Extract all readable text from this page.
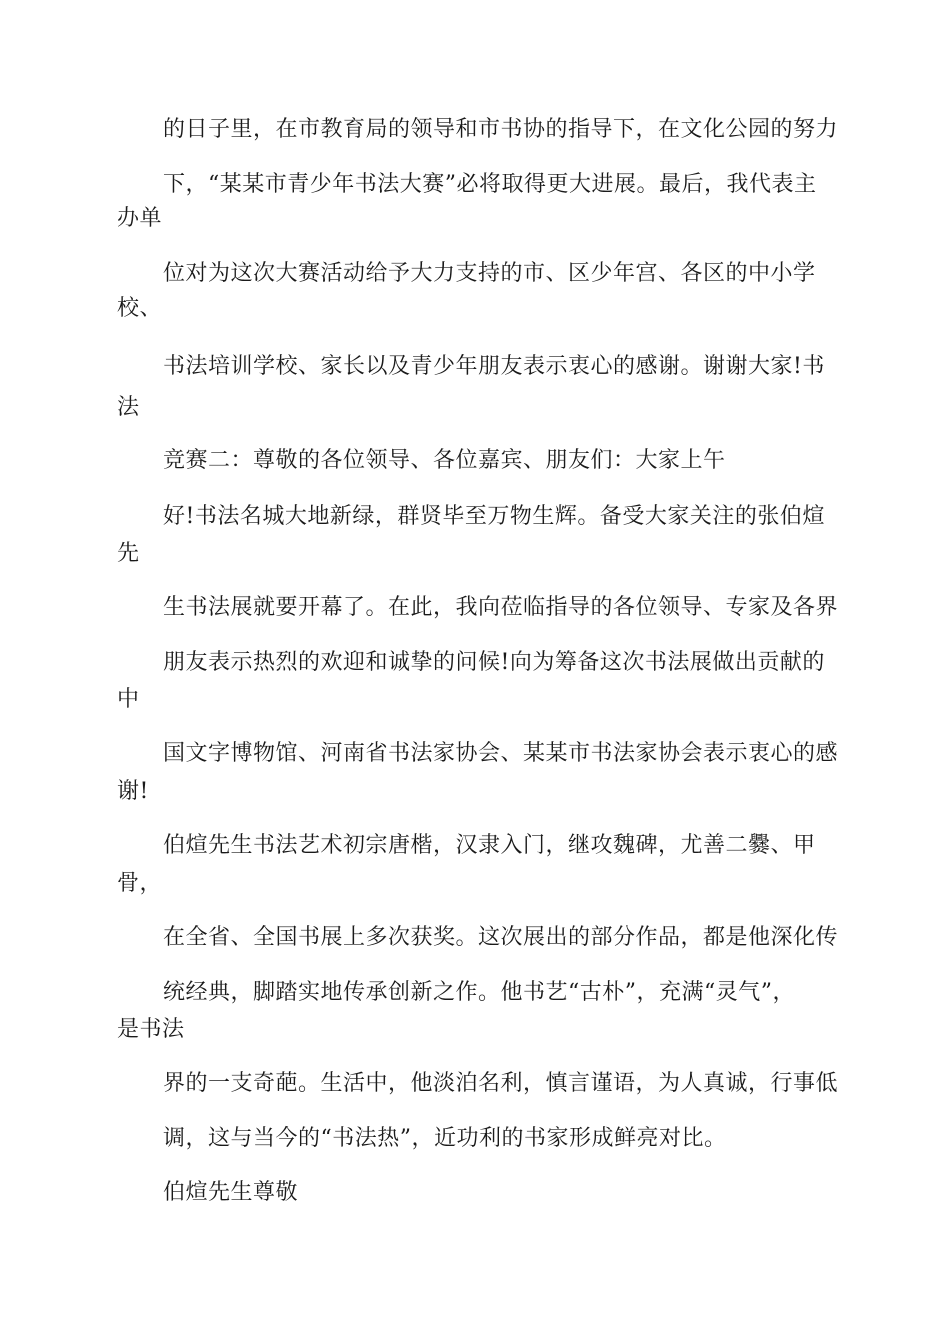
的日子里，在市教育局的领导和市书协的指导下，在文化公园的努力
下，“某某市青少年书法大赛”必将取得更大进展。最后，我代表主
办单
位对为这次大赛活动给予大力支持的市、区少年宫、各区的中小学
校、
书法培训学校、家长以及青少年朋友表示衷心的感谢。谢谢大家!书
法
竞赛二：尊敬的各位领导、各位嘉宾、朋友们：大家上午
好!书法名城大地新绿，群贤毕至万物生辉。备受大家关注的张伯煊
先
生书法展就要开幕了。在此，我向莅临指导的各位领导、专家及各界
朋友表示热烈的欢迎和诚挚的问候!向为筹备这次书法展做出贡献的
中
国文字博物馆、河南省书法家协会、某某市书法家协会表示衷心的感
谢!
伯煊先生书法艺术初宗唐楷，汉隶入门，继攻魏碑，尤善二爨、甲
骨，
在全省、全国书展上多次获奖。这次展出的部分作品，都是他深化传
统经典，脚踏实地传承创新之作。他书艺“古朴”，充满“灵气”，
是书法
界的一支奇葩。生活中，他淡泊名利，慎言谨语，为人真诚，行事低
调，这与当今的“书法热”，近功利的书家形成鲜亮对比。
伯煊先生尊敬
